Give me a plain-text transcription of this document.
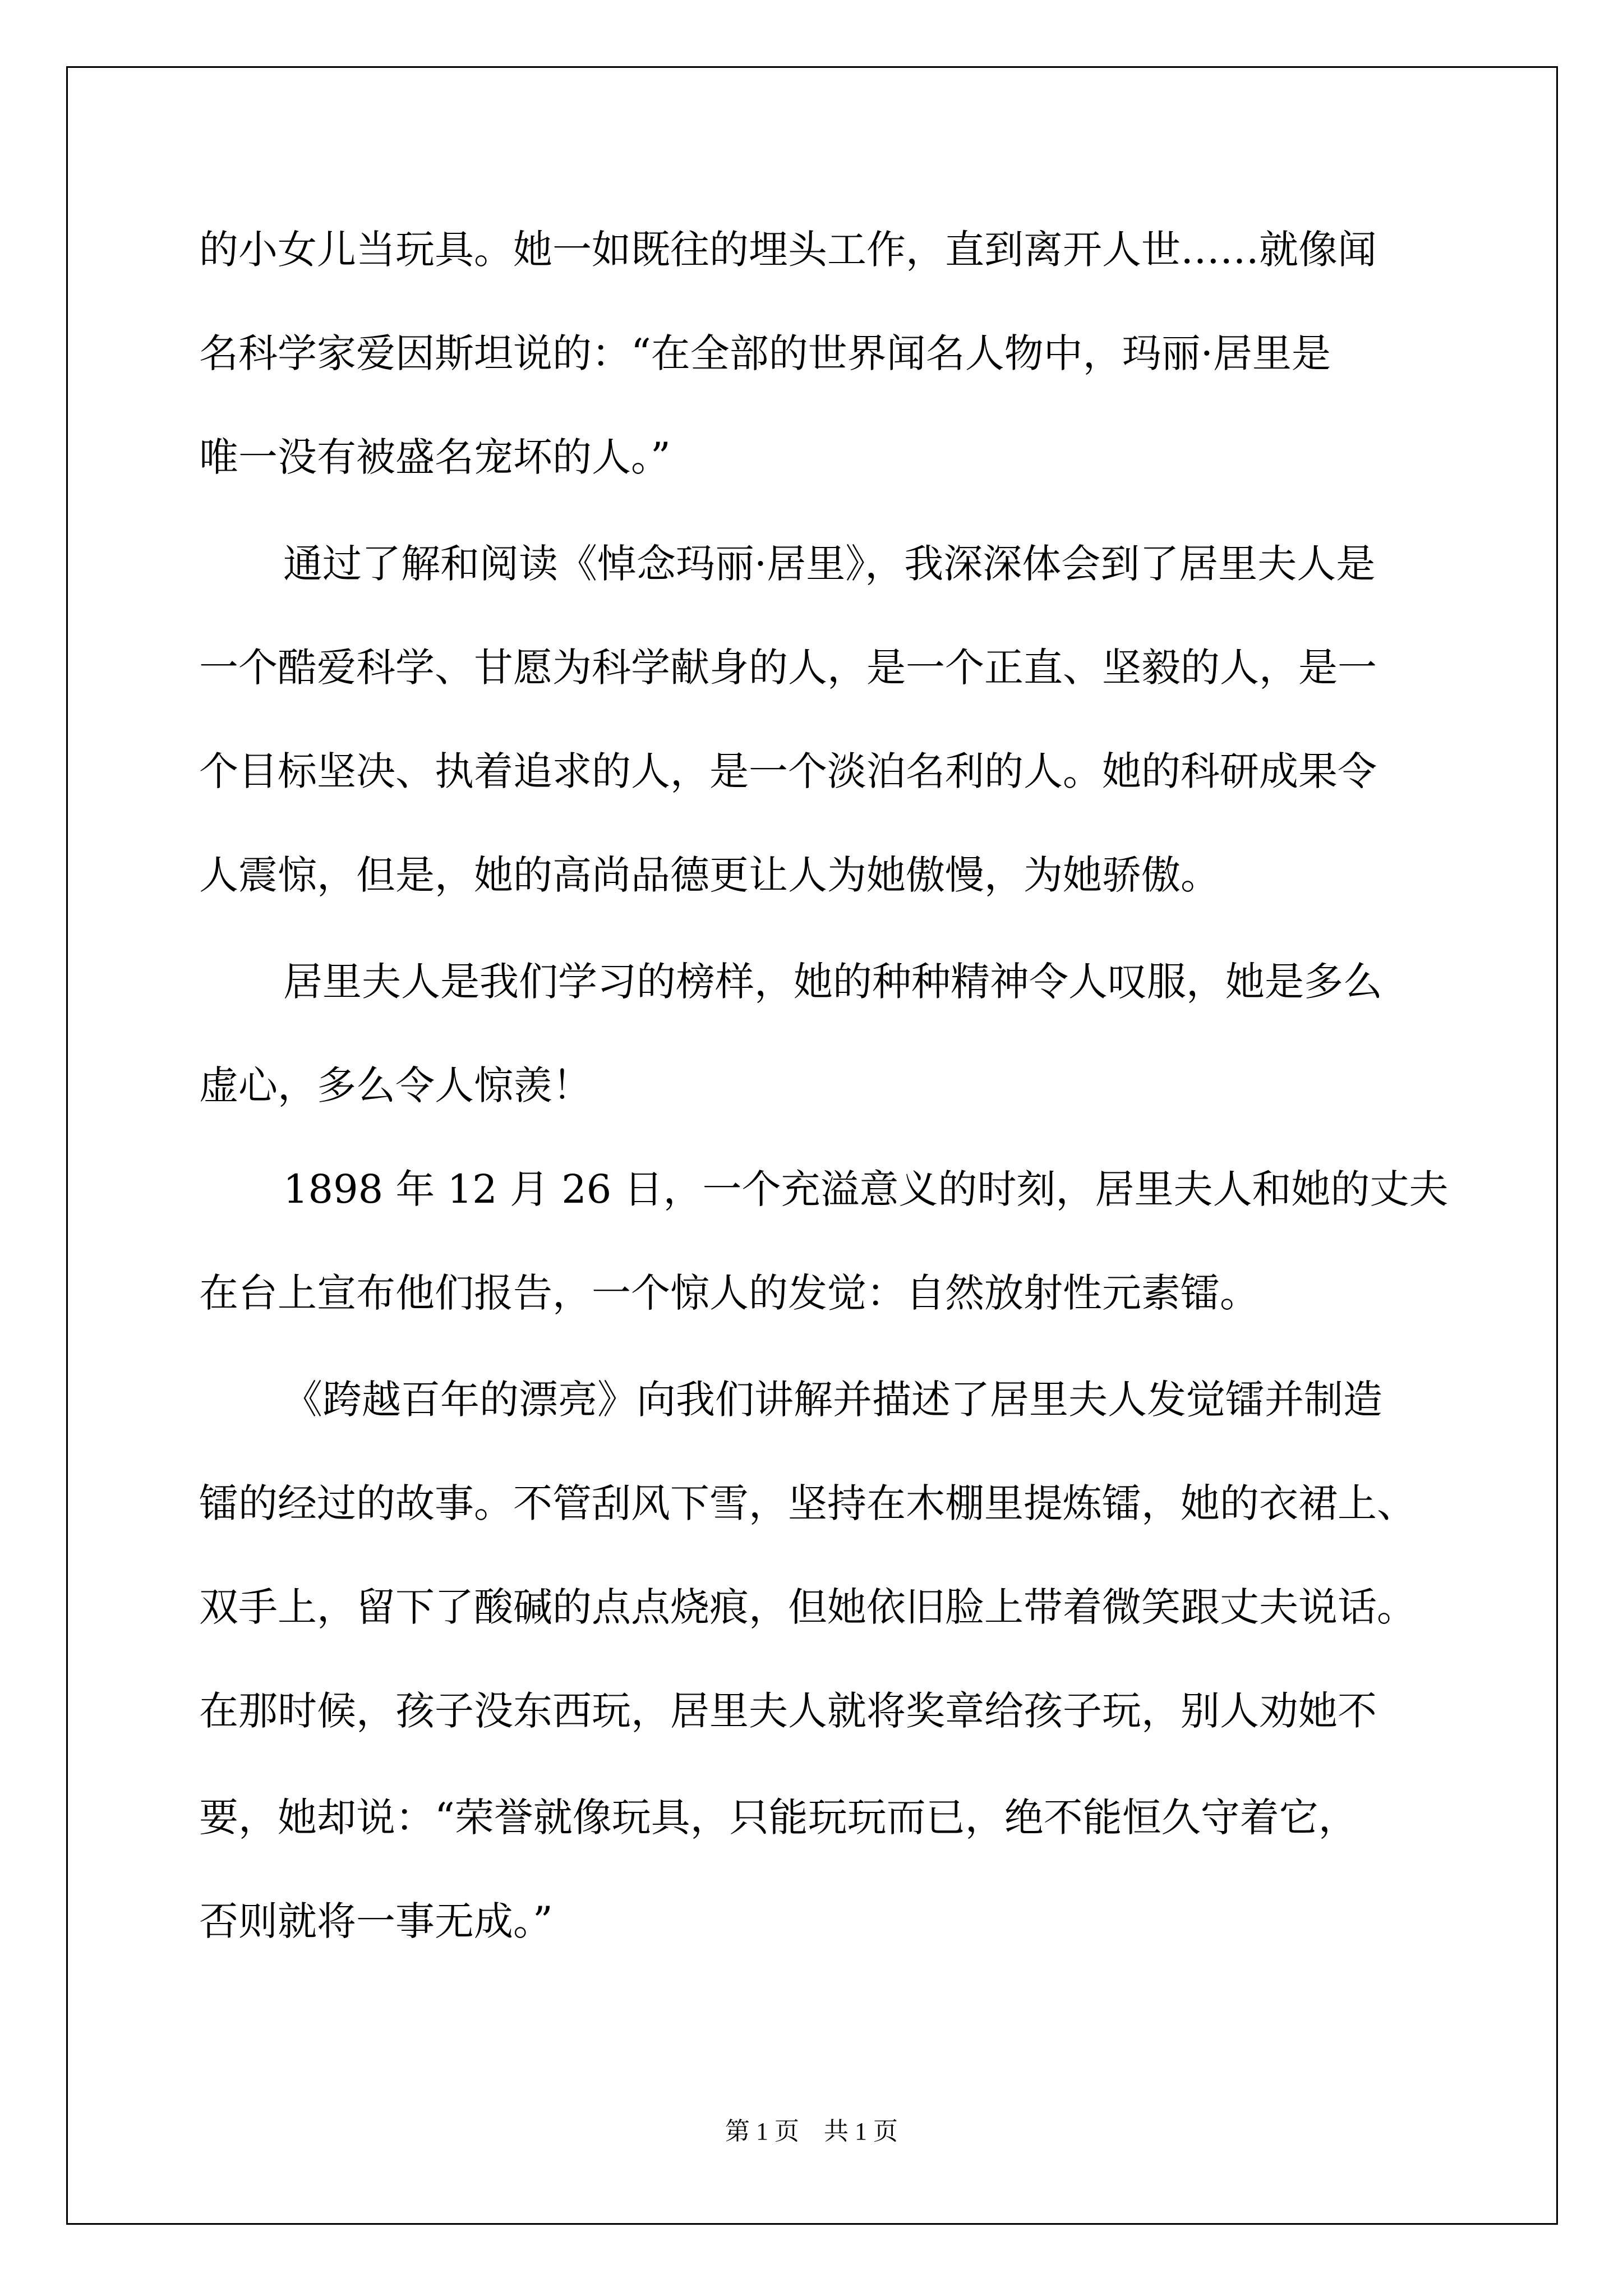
的小女儿当玩具。她一如既往的埋头工作，直到离开人世……就像闻

名科学家爱因斯坦说的：“在全部的世界闻名人物中，玛丽·居里是

唯一没有被盛名宠坏的人。”

通过了解和阅读《悼念玛丽·居里》，我深深体会到了居里夫人是

一个酷爱科学、甘愿为科学献身的人，是一个正直、坚毅的人，是一

个目标坚决、执着追求的人，是一个淡泊名利的人。她的科研成果令

人震惊，但是，她的高尚品德更让人为她傲慢，为她骄傲。

居里夫人是我们学习的榜样，她的种种精神令人叹服，她是多么

虚心，多么令人惊羡！

1898 年 12 月 26 日，一个充溢意义的时刻，居里夫人和她的丈夫

在台上宣布他们报告，一个惊人的发觉：自然放射性元素镭。

《跨越百年的漂亮》向我们讲解并描述了居里夫人发觉镭并制造

镭的经过的故事。不管刮风下雪，坚持在木棚里提炼镭，她的衣裙上、

双手上，留下了酸碱的点点烧痕，但她依旧脸上带着微笑跟丈夫说话。

在那时候，孩子没东西玩，居里夫人就将奖章给孩子玩，别人劝她不

要，她却说：“荣誉就像玩具，只能玩玩而已，绝不能恒久守着它，

否则就将一事无成。”

第 1 页    共 1 页
